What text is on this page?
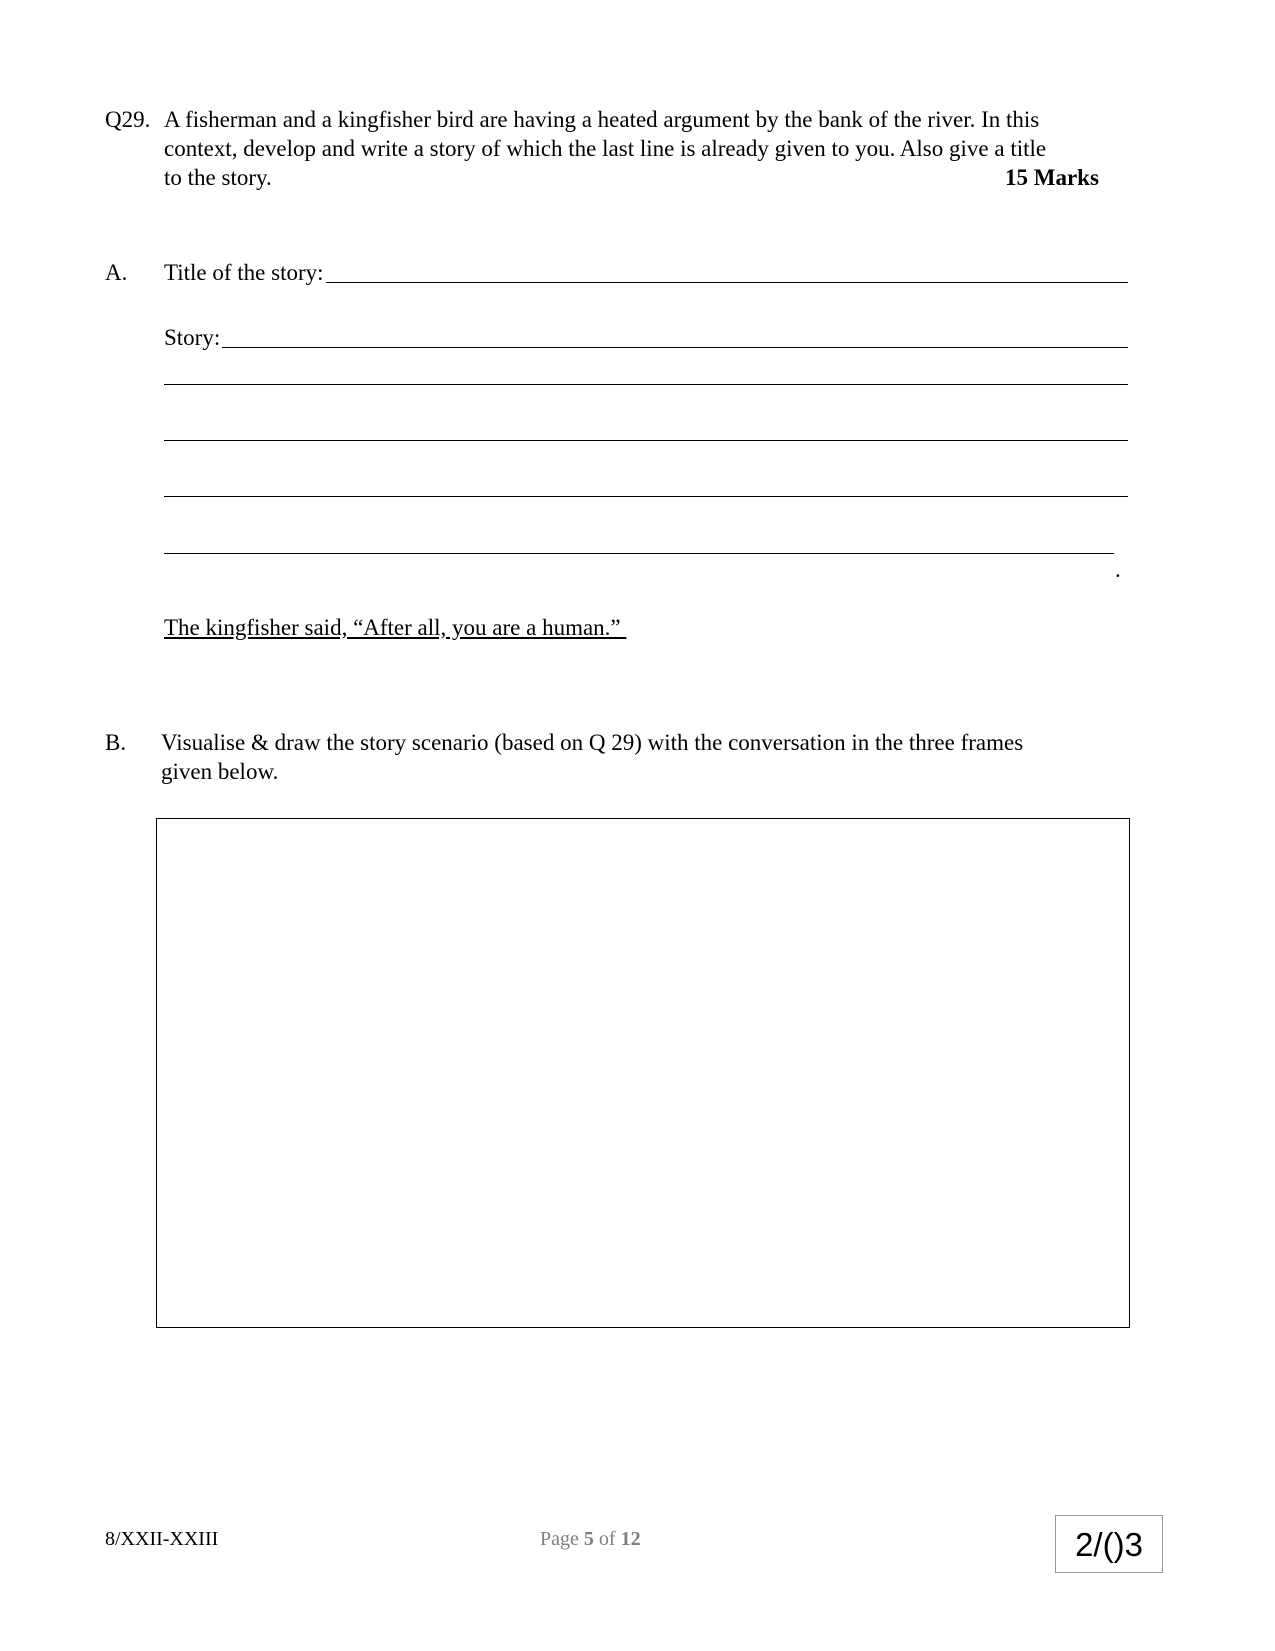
Q29. A fisherman and a kingfisher bird are having a heated argument by the bank of the river. In this
context, develop and write a story of which the last line is already given to you. Also give a title
to the story.	15 Marks
A. Title of the story:
Story:
.
The kingfisher said, “After all, you are a human.”
B. Visualise & draw the story scenario (based on Q 29) with the conversation in the three frames
given below.
8/XXII-XXIII	Page 5 of 12	2/()3
